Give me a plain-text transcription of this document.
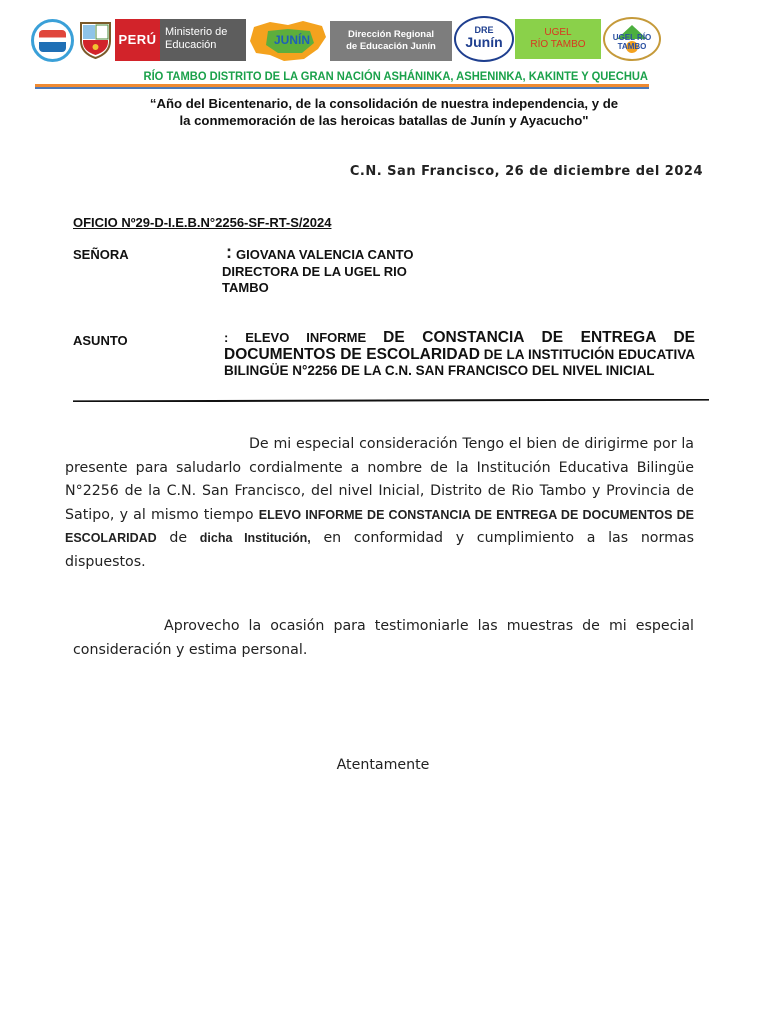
PERÚ Ministerio de Educación	JUNÍN	Dirección Regional
de Educación Junín
DRE
Junín
UGEL
RÍO TAMBO
UGEL RÍO TAMBO
RÍO TAMBO DISTRITO DE LA GRAN NACIÓN ASHÁNINKA, ASHENINKA, KAKINTE Y QUECHUA
“Año del Bicentenario, de la consolidación de nuestra independencia, y de
la conmemoración de las heroicas batallas de Junín y Ayacucho"
C.N. San Francisco, 26 de diciembre del 2024
OFICIO Nº29-D-I.E.B.N°2256-SF-RT-S/2024
SEÑORA	: GIOVANA VALENCIA CANTO
DIRECTORA DE LA UGEL RIO TAMBO
ASUNTO	: ELEVO INFORME DE CONSTANCIA DE ENTREGA DE DOCUMENTOS DE ESCOLARIDAD DE LA INSTITUCIÓN EDUCATIVA BILINGÜE N°2256 DE LA C.N. SAN FRANCISCO DEL NIVEL INICIAL
De mi especial consideración Tengo el bien de dirigirme por la presente para saludarlo cordialmente a nombre de la Institución Educativa Bilingüe N°2256 de la C.N. San Francisco, del nivel Inicial, Distrito de Rio Tambo y Provincia de Satipo, y al mismo tiempo ELEVO INFORME DE CONSTANCIA DE ENTREGA DE DOCUMENTOS DE ESCOLARIDAD de dicha Institución, en conformidad y cumplimiento a las normas dispuestos.
Aprovecho la ocasión para testimoniarle las muestras de mi especial consideración y estima personal.
Atentamente
